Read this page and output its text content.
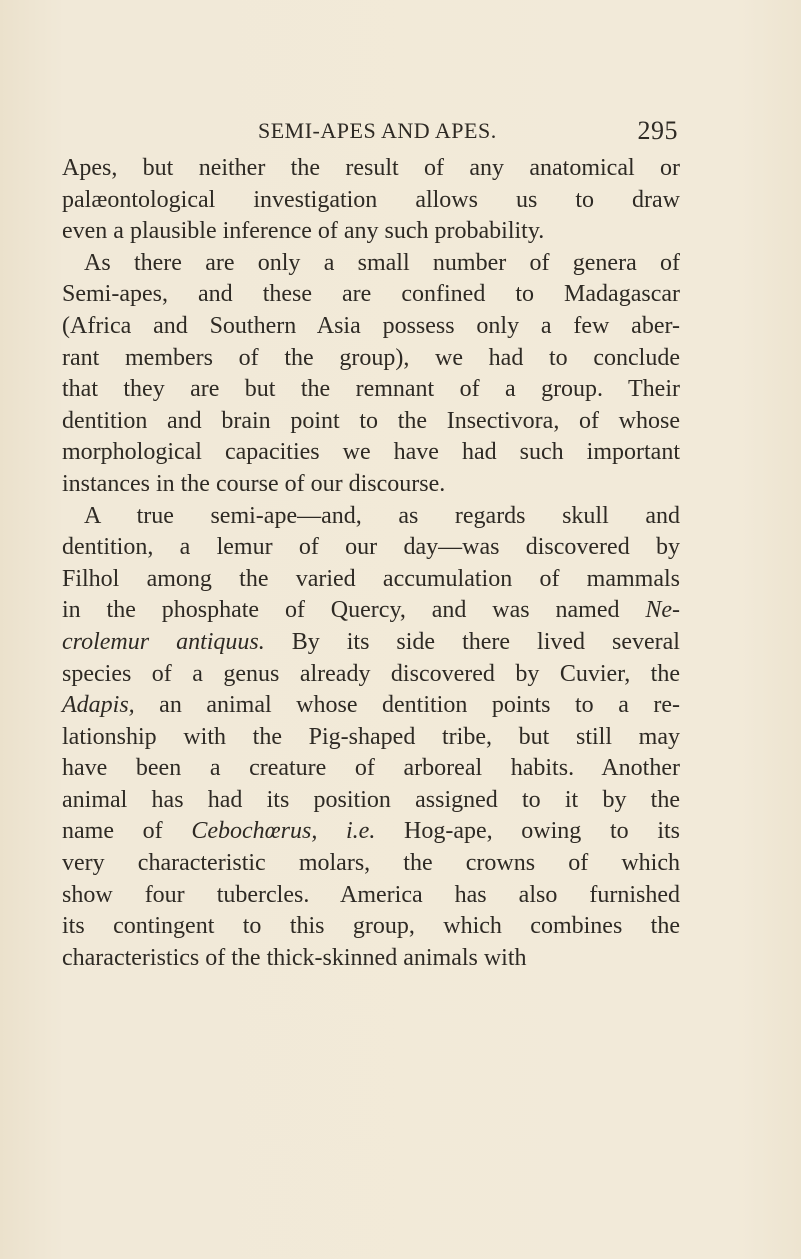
SEMI-APES AND APES.	295
Apes, but neither the result of any anatomical or
palæontological investigation allows us to draw
even a plausible inference of any such probability.
As there are only a small number of genera of
Semi-apes, and these are confined to Madagascar
(Africa and Southern Asia possess only a few aber-
rant members of the group), we had to conclude
that they are but the remnant of a group. Their
dentition and brain point to the Insectivora, of whose
morphological capacities we have had such important
instances in the course of our discourse.
A true semi-ape—and, as regards skull and
dentition, a lemur of our day—was discovered by
Filhol among the varied accumulation of mammals
in the phosphate of Quercy, and was named Ne-
crolemur antiquus. By its side there lived several
species of a genus already discovered by Cuvier, the
Adapis, an animal whose dentition points to a re-
lationship with the Pig-shaped tribe, but still may
have been a creature of arboreal habits. Another
animal has had its position assigned to it by the
name of Cebochœrus, i.e. Hog-ape, owing to its
very characteristic molars, the crowns of which
show four tubercles. America has also furnished
its contingent to this group, which combines the
characteristics of the thick-skinned animals with
